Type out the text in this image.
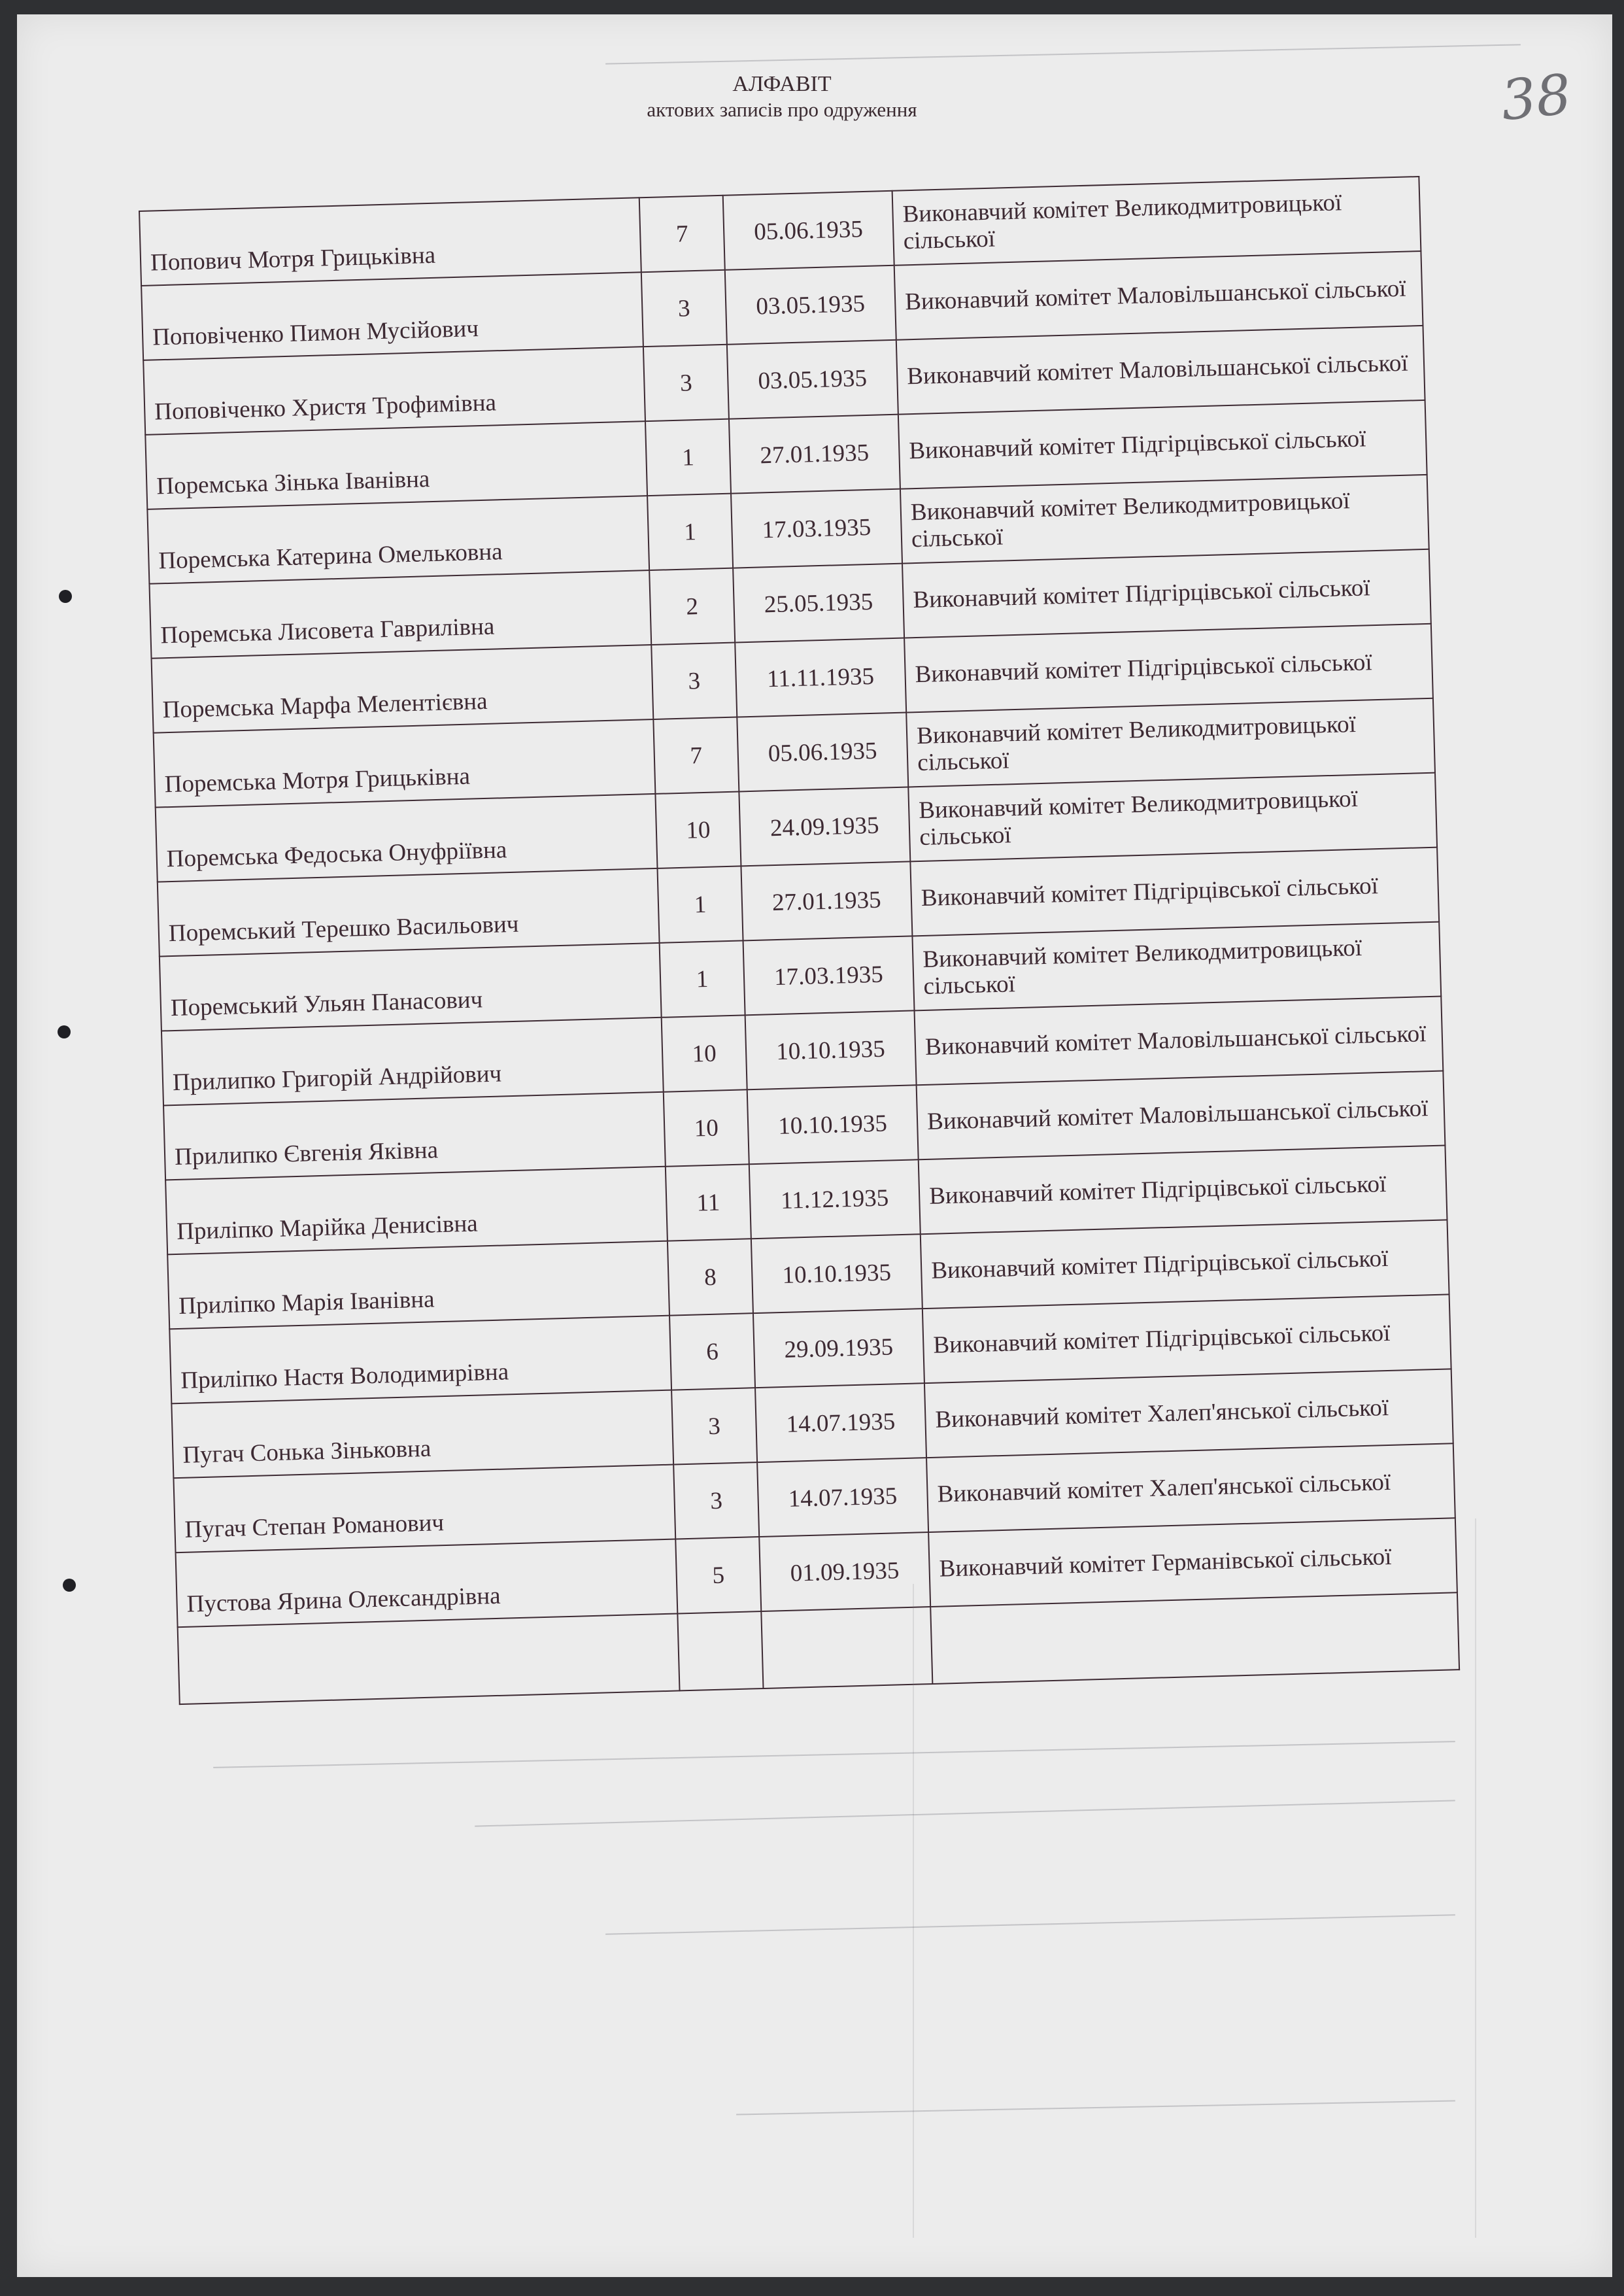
АЛФАВІТ
актових записів про одруження	38
Попович Мотря Грицьківна	7	05.06.1935	Виконавчий комітет Великодмитровицької сільської
Поповіченко Пимон Мусійович	3	03.05.1935	Виконавчий комітет Маловільшанської сільської
Поповіченко Христя Трофимівна	3	03.05.1935	Виконавчий комітет Маловільшанської сільської
Поремська Зінька Іванівна	1	27.01.1935	Виконавчий комітет Підгірцівської сільської
Поремська Катерина Омельковна	1	17.03.1935	Виконавчий комітет Великодмитровицької сільської
Поремська Лисовета Гаврилівна	2	25.05.1935	Виконавчий комітет Підгірцівської сільської
Поремська Марфа Мелентієвна	3	11.11.1935	Виконавчий комітет Підгірцівської сільської
Поремська Мотря Грицьківна	7	05.06.1935	Виконавчий комітет Великодмитровицької сільської
Поремська Федоська Онуфріївна	10	24.09.1935	Виконавчий комітет Великодмитровицької сільської
Поремський Терешко Васильович	1	27.01.1935	Виконавчий комітет Підгірцівської сільської
Поремський Ульян Панасович	1	17.03.1935	Виконавчий комітет Великодмитровицької сільської
Прилипко Григорій Андрійович	10	10.10.1935	Виконавчий комітет Маловільшанської сільської
Прилипко Євгенія Яківна	10	10.10.1935	Виконавчий комітет Маловільшанської сільської
Приліпко Марійка Денисівна	11	11.12.1935	Виконавчий комітет Підгірцівської сільської
Приліпко Марія Іванівна	8	10.10.1935	Виконавчий комітет Підгірцівської сільської
Приліпко Настя Володимирівна	6	29.09.1935	Виконавчий комітет Підгірцівської сільської
Пугач Сонька Зіньковна	3	14.07.1935	Виконавчий комітет Халеп'янської сільської
Пугач Степан Романович	3	14.07.1935	Виконавчий комітет Халеп'янської сільської
Пустова Ярина Олександрівна	5	01.09.1935	Виконавчий комітет Германівської сільської
